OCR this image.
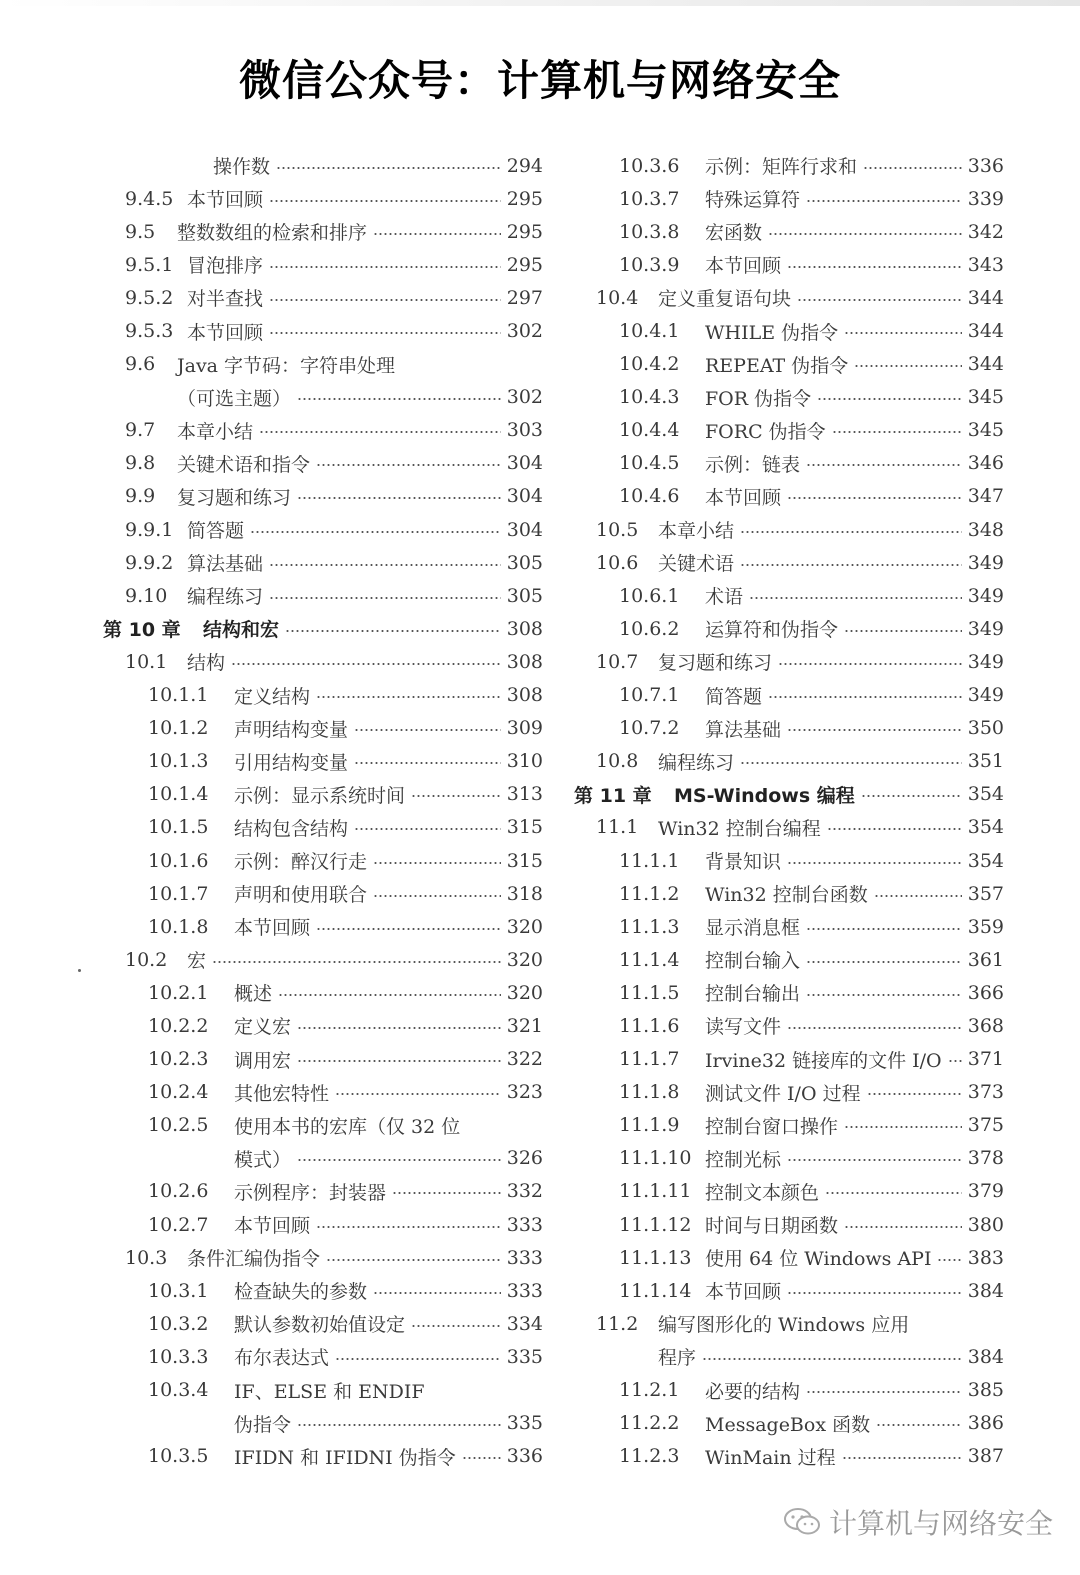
微信公众号：计算机与网络安全
操作数	294
9.4.5 本节回顾	295
9.5	整数数组的检索和排序	295
9.5.1 冒泡排序	295
9.5.2 对半查找	297
9.5.3 本节回顾	302
9.6	Java 字节码：字符串处理
（可选主题）	302
9.7	本章小结	303
9.8	关键术语和指令	304
9.9	复习题和练习	304
9.9.1 简答题	304
9.9.2 算法基础	305
9.10	编程练习	305
第 10 章	结构和宏	308
10.1	结构	308
10.1.1	定义结构	308
10.1.2	声明结构变量	309
10.1.3	引用结构变量	310
10.1.4	示例：显示系统时间	313
10.1.5	结构包含结构	315
10.1.6	示例：醉汉行走	315
10.1.7	声明和使用联合	318
10.1.8	本节回顾	320
10.2	宏	320
10.2.1	概述	320
10.2.2	定义宏	321
10.2.3	调用宏	322
10.2.4	其他宏特性	323
10.2.5	使用本书的宏库（仅 32 位
模式）	326
10.2.6	示例程序：封装器	332
10.2.7	本节回顾	333
10.3	条件汇编伪指令	333
10.3.1	检查缺失的参数	333
10.3.2	默认参数初始值设定	334
10.3.3	布尔表达式	335
10.3.4	IF、ELSE 和 ENDIF
伪指令	335
10.3.5	IFIDN 和 IFIDNI 伪指令	336
10.3.6	示例：矩阵行求和	336
10.3.7	特殊运算符	339
10.3.8	宏函数	342
10.3.9	本节回顾	343
10.4	定义重复语句块	344
10.4.1	WHILE 伪指令	344
10.4.2	REPEAT 伪指令	344
10.4.3	FOR 伪指令	345
10.4.4	FORC 伪指令	345
10.4.5	示例：链表	346
10.4.6	本节回顾	347
10.5	本章小结	348
10.6	关键术语	349
10.6.1	术语	349
10.6.2	运算符和伪指令	349
10.7	复习题和练习	349
10.7.1	简答题	349
10.7.2	算法基础	350
10.8	编程练习	351
第 11 章	MS-Windows 编程	354
11.1	Win32 控制台编程	354
11.1.1	背景知识	354
11.1.2	Win32 控制台函数	357
11.1.3	显示消息框	359
11.1.4	控制台输入	361
11.1.5	控制台输出	366
11.1.6	读写文件	368
11.1.7	Irvine32 链接库的文件 I/O 371
11.1.8	测试文件 I/O 过程	373
11.1.9	控制台窗口操作	375
11.1.10 控制光标	378
11.1.11 控制文本颜色	379
11.1.12 时间与日期函数	380
11.1.13 使用 64 位 Windows API 383
11.1.14 本节回顾	384
11.2	编写图形化的 Windows 应用
程序	384
11.2.1	必要的结构	385
11.2.2	MessageBox 函数	386
11.2.3	WinMain 过程	387
计算机与网络安全
